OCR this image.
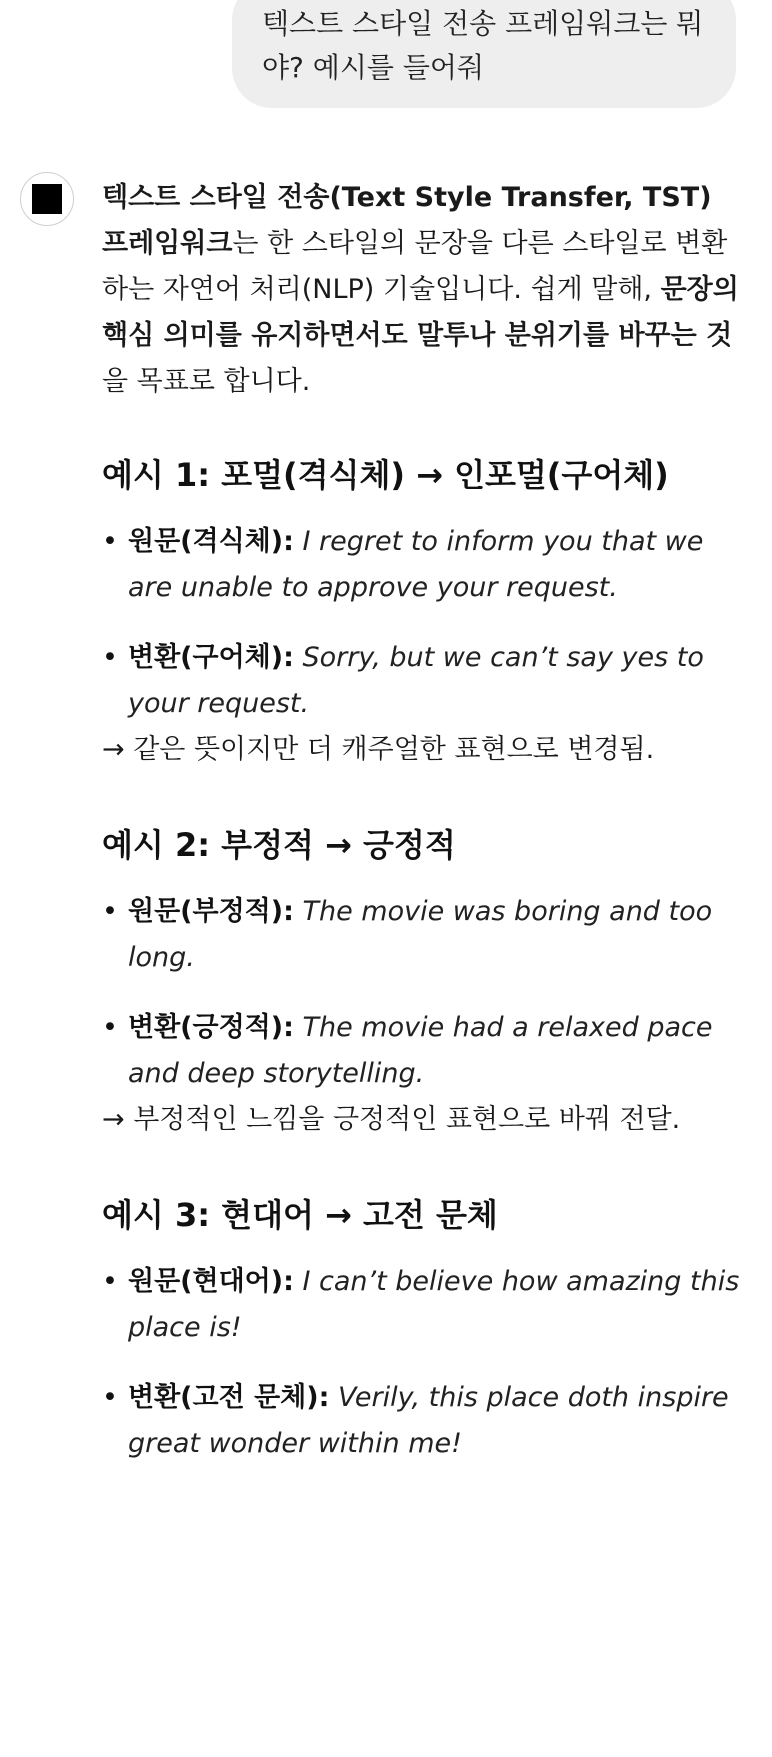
텍스트 스타일 전송 프레임워크는 뭐야? 예시를 들어줘

텍스트 스타일 전송(Text Style Transfer, TST) 프레임워크는 한 스타일의 문장을 다른 스타일로 변환하는 자연어 처리(NLP) 기술입니다. 쉽게 말해, 문장의 핵심 의미를 유지하면서도 말투나 분위기를 바꾸는 것을 목표로 합니다.

예시 1: 포멀(격식체) → 인포멀(구어체)
• 원문(격식체): I regret to inform you that we are unable to approve your request.
• 변환(구어체): Sorry, but we can’t say yes to your request.

→ 같은 뜻이지만 더 캐주얼한 표현으로 변경됨.

예시 2: 부정적 → 긍정적
• 원문(부정적): The movie was boring and too long.
• 변환(긍정적): The movie had a relaxed pace and deep storytelling.

→ 부정적인 느낌을 긍정적인 표현으로 바꿔 전달.

예시 3: 현대어 → 고전 문체
• 원문(현대어): I can’t believe how amazing this place is!
• 변환(고전 문체): Verily, this place doth inspire great wonder within me!
